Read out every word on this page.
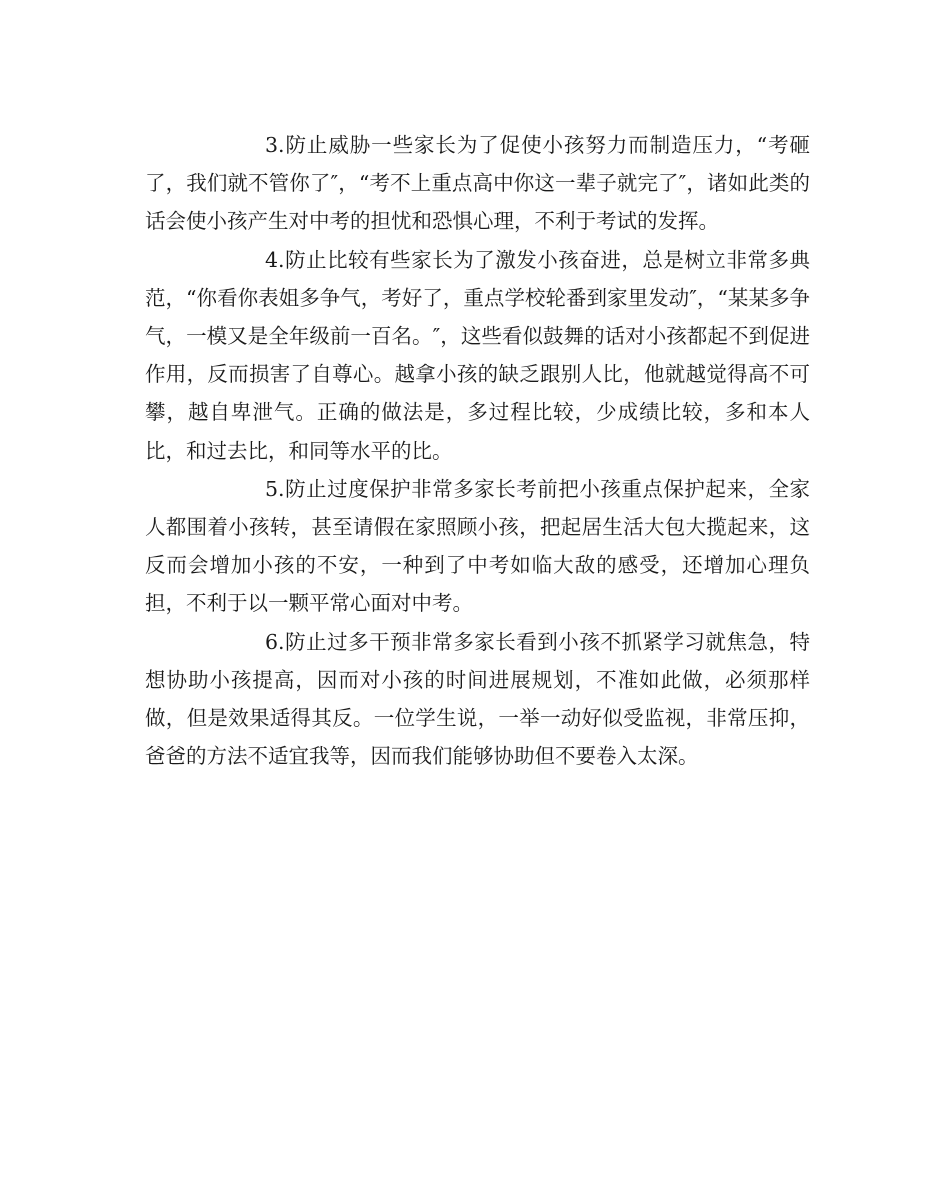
3.防止威胁一些家长为了促使小孩努力而制造压力，“考砸了，我们就不管你了″，“考不上重点高中你这一辈子就完了″，诸如此类的话会使小孩产生对中考的担忧和恐惧心理，不利于考试的发挥。

4.防止比较有些家长为了激发小孩奋进，总是树立非常多典范，“你看你表姐多争气，考好了，重点学校轮番到家里发动″，“某某多争气，一模又是全年级前一百名。″，这些看似鼓舞的话对小孩都起不到促进作用，反而损害了自尊心。越拿小孩的缺乏跟别人比，他就越觉得高不可攀，越自卑泄气。正确的做法是，多过程比较，少成绩比较，多和本人比，和过去比，和同等水平的比。

5.防止过度保护非常多家长考前把小孩重点保护起来，全家人都围着小孩转，甚至请假在家照顾小孩，把起居生活大包大揽起来，这反而会增加小孩的不安，一种到了中考如临大敌的感受，还增加心理负担，不利于以一颗平常心面对中考。

6.防止过多干预非常多家长看到小孩不抓紧学习就焦急，特想协助小孩提高，因而对小孩的时间进展规划，不准如此做，必须那样做，但是效果适得其反。一位学生说，一举一动好似受监视，非常压抑，爸爸的方法不适宜我等，因而我们能够协助但不要卷入太深。
